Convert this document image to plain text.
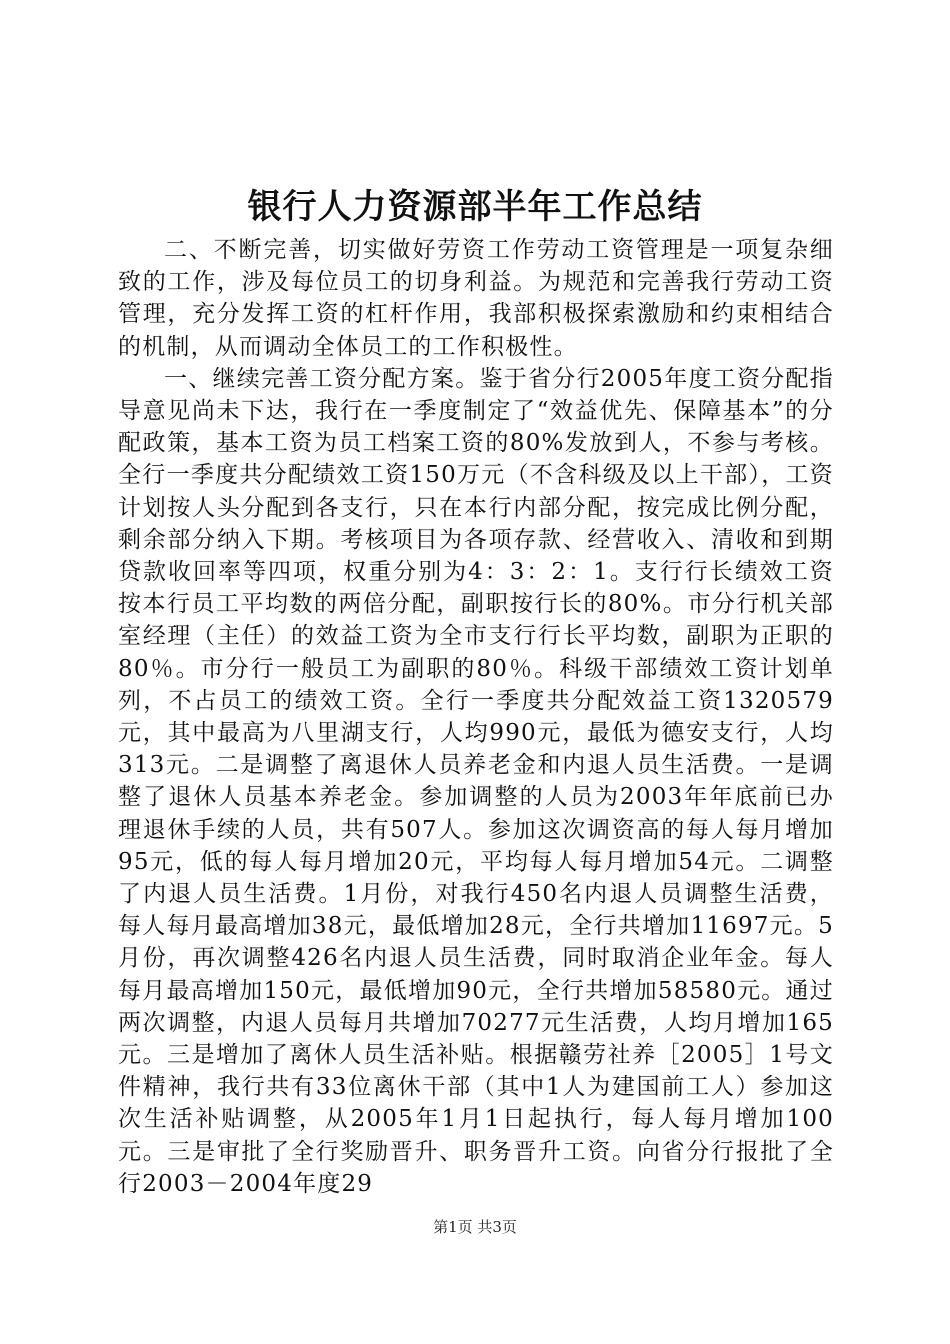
银行人力资源部半年工作总结

二、不断完善，切实做好劳资工作劳动工资管理是一项复杂细致的工作，涉及每位员工的切身利益。为规范和完善我行劳动工资管理，充分发挥工资的杠杆作用，我部积极探索激励和约束相结合的机制，从而调动全体员工的工作积极性。

一、继续完善工资分配方案。鉴于省分行2005年度工资分配指导意见尚未下达，我行在一季度制定了“效益优先、保障基本”的分配政策，基本工资为员工档案工资的80%发放到人，不参与考核。全行一季度共分配绩效工资150万元（不含科级及以上干部），工资计划按人头分配到各支行，只在本行内部分配，按完成比例分配，剩余部分纳入下期。考核项目为各项存款、经营收入、清收和到期贷款收回率等四项，权重分别为4：3：2：1。支行行长绩效工资按本行员工平均数的两倍分配，副职按行长的80%。市分行机关部室经理（主任）的效益工资为全市支行行长平均数，副职为正职的80％。市分行一般员工为副职的80％。科级干部绩效工资计划单列，不占员工的绩效工资。全行一季度共分配效益工资1320579元，其中最高为八里湖支行，人均990元，最低为德安支行，人均313元。二是调整了离退休人员养老金和内退人员生活费。一是调整了退休人员基本养老金。参加调整的人员为2003年年底前已办理退休手续的人员，共有507人。参加这次调资高的每人每月增加95元，低的每人每月增加20元，平均每人每月增加54元。二调整了内退人员生活费。1月份，对我行450名内退人员调整生活费，每人每月最高增加38元，最低增加28元，全行共增加11697元。5月份，再次调整426名内退人员生活费，同时取消企业年金。每人每月最高增加150元，最低增加90元，全行共增加58580元。通过两次调整，内退人员每月共增加70277元生活费，人均月增加165元。三是增加了离休人员生活补贴。根据赣劳社养［2005］1号文件精神，我行共有33位离休干部（其中1人为建国前工人）参加这次生活补贴调整，从2005年1月1日起执行，每人每月增加100元。三是审批了全行奖励晋升、职务晋升工资。向省分行报批了全行2003－2004年度29

第1页 共3页
